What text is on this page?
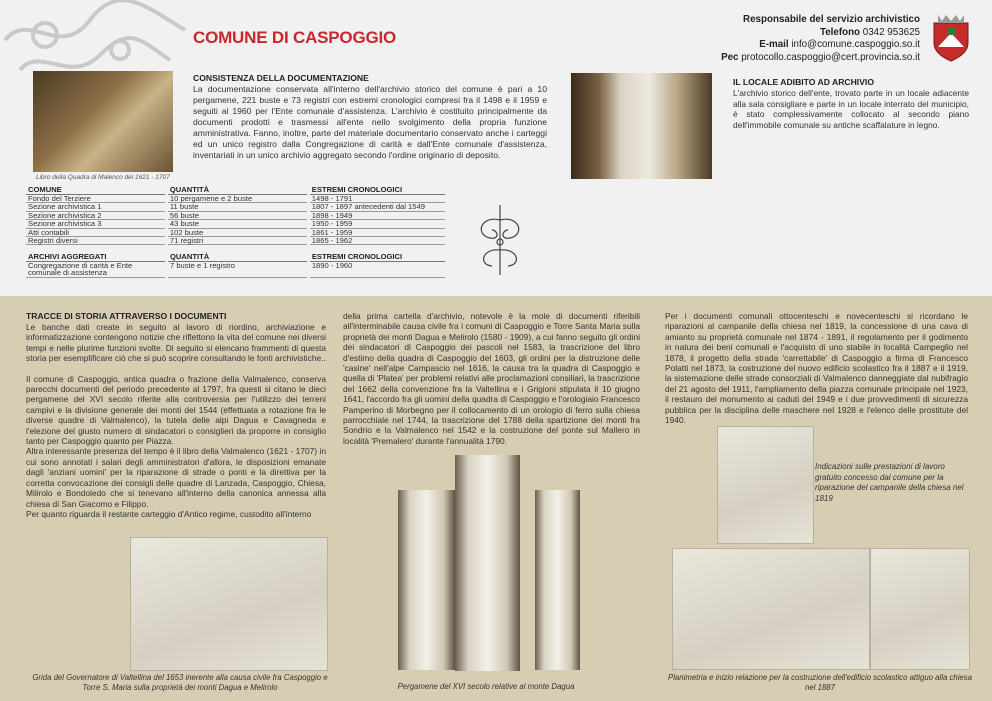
COMUNE DI CASPOGGIO
Responsabile del servizio archivistico
Telefono 0342 953625
E-mail info@comune.caspoggio.so.it
Pec protocollo.caspoggio@cert.provincia.so.it
Libro della Quadra di Malenco del 1621 - 1707
CONSISTENZA DELLA DOCUMENTAZIONE
La documentazione conservata all'interno dell'archivio storico del comune è pari a 10 pergamene, 221 buste e 73 registri con estremi cronologici compresi fra il 1498 e il 1959 e seguiti al 1960 per l'Ente comunale d'assistenza. L'archivio è costituito principalmente da documenti prodotti e trasmessi all'ente nello svolgimento della propria funzione amministrativa. Fanno, inoltre, parte del materiale documentario conservato anche i carteggi ed un unico registro dalla Congregazione di carità e dall'Ente comunale d'assistenza, inventariati in un unico archivio aggregato secondo l'ordine originario di deposito.
IL LOCALE ADIBITO AD ARCHIVIO
L'archivio storico dell'ente, trovato parte in un locale adiacente alla sala consigliare e parte in un locale interrato del municipio, è stato complessivamente collocato al secondo piano dell'immobile comunale su antiche scaffalature in legno.
COMUNE		QUANTITÀ		ESTREMI CRONOLOGICI
Fondo del Terziere		10 pergamene e 2 buste		1498 - 1791
Sezione archivistica 1		11 buste		1807 - 1897 antecedenti dal 1549
Sezione archivistica 2		56 buste		1898 - 1949
Sezione archivistica 3		43 buste		1950 - 1959
Atti contabili		102 buste		1861 - 1959
Registri diversi		71 registri		1865 - 1962
ARCHIVI AGGREGATI		QUANTITÀ		ESTREMI CRONOLOGICI
Congregazione di carità e Ente comunale di assistenza		7 buste e 1 registro		1890 - 1960
TRACCE DI STORIA ATTRAVERSO I DOCUMENTI
Le banche dati create in seguito al lavoro di riordino, archiviazione e informatizzazione contengono notizie che riflettono la vita del comune nei diversi tempi e nelle plurime funzioni svolte. Di seguito si elencano frammenti di questa storia per esemplificare ciò che si può scoprire consultando le fonti archivistiche..
Il comune di Caspoggio, antica quadra o frazione della Valmalenco, conserva parecchi documenti del periodo precedente al 1797, fra questi si citano le dieci pergamene del XVI secolo riferite alla controversia per l'utilizzo dei terreni campivi e la divisione generale dei monti del 1544 (effettuata a rotazione fra le diverse quadre di Valmalenco), la tutela delle alpi Dagua e Cavagneda e l'elezione del giusto numero di sindacatori o consiglieri da proporre in consiglio tanto per Caspoggio quanto per Piazza.
Altra interessante presenza del tempo è il libro della Valmalenco (1621 - 1707) in cui sono annotati i salari degli amministratori d'allora, le disposizioni emanate dagli 'anziani uomini' per la riparazione di strade o ponti e la direttiva per la corretta convocazione dei consigli delle quadre di Lanzada, Caspoggio, Chiesa, Milirolo e Bondoledo che si tenevano all'interno della canonica annessa alla chiesa di San Giacomo e Filippo.
Per quanto riguarda il restante carteggio d'Antico regime, custodito all'interno
della prima cartella d'archivio, notevole è la mole di documenti riferibili all'interminabile causa civile fra i comuni di Caspoggio e Torre Santa Maria sulla proprietà dei monti Dagua e Melirolo (1580 - 1909), a cui fanno seguito gli ordini dei sindacatori di Caspoggio dei pascoli nel 1583, la trascrizione del libro d'estimo della quadra di Caspoggio del 1603, gli ordini per la distruzione delle 'casine' nell'alpe Campascio nel 1616, la causa tra la quadra di Caspoggio e quella di 'Platea' per problemi relativi alle proclamazioni consiliari, la trascrizione del 1662 della convenzione fra la Valtellina e i Grigioni stipulata il 10 giugno 1641, l'accordo fra gli uomini della quadra di Caspoggio e l'orologiaio Francesco Pamperino di Morbegno per il collocamento di un orologio di ferro sulla chiesa parrocchiale nel 1744, la trascrizione del 1788 della spartizione dei monti fra Sondrio e la Valmalenco nel 1542 e la costruzione del ponte sul Mallero in località 'Premalero' durante l'annualità 1790.
Per i documenti comunali ottocenteschi e novecenteschi si ricordano le riparazioni al campanile della chiesa nel 1819, la concessione di una cava di amianto su proprietà comunale nel 1874 - 1891, il regolamento per il godimento in natura dei beni comunali e l'acquisto di uno stabile in località Campeglio nel 1878, il progetto della strada 'carrettabile' di Caspoggio a firma di Francesco Polatti nel 1873, la costruzione del nuovo edificio scolastico fra il 1887 e il 1919, la sistemazione delle strade consorziali di Valmalenco danneggiate dal nubifragio del 21 agosto del 1911, l'ampliamento della piazza comunale principale nel 1923, il restauro del monumento ai caduti del 1949 e i due provvedimenti di sicurezza pubblica per la disciplina delle maschere nel 1928 e l'elenco delle prostitute del 1940.
Grida del Governatore di Valtellina del 1653 inerente alla causa civile fra Caspoggio e Torre S. Maria sulla proprietà dei monti Dagua e Melirolo	Pergamene del XVI secolo relative al monte Dagua
Indicazioni sulle prestazioni di lavoro gratuito concesso dal comune per la riparazione del campanile della chiesa nel 1819
Planimetria e inizio relazione per la costruzione dell'edificio scolastico attiguo alla chiesa nel 1887
